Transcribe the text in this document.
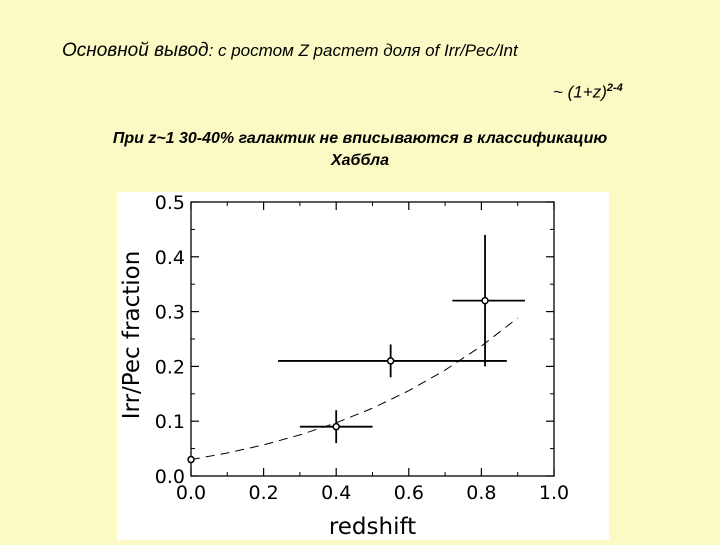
Основной вывод: с ростом Z растет доля of Irr/Pec/Int
~ $(1+z)^{2-4}$
При z~1 30-40% галактик не вписываются в классификацию
Хаббла
0.0 0.2 0.4 0.6 0.8 1.0
0.0
0.1
0.2
0.3
0.4
0.5
redshift
Irr/Pec fraction
